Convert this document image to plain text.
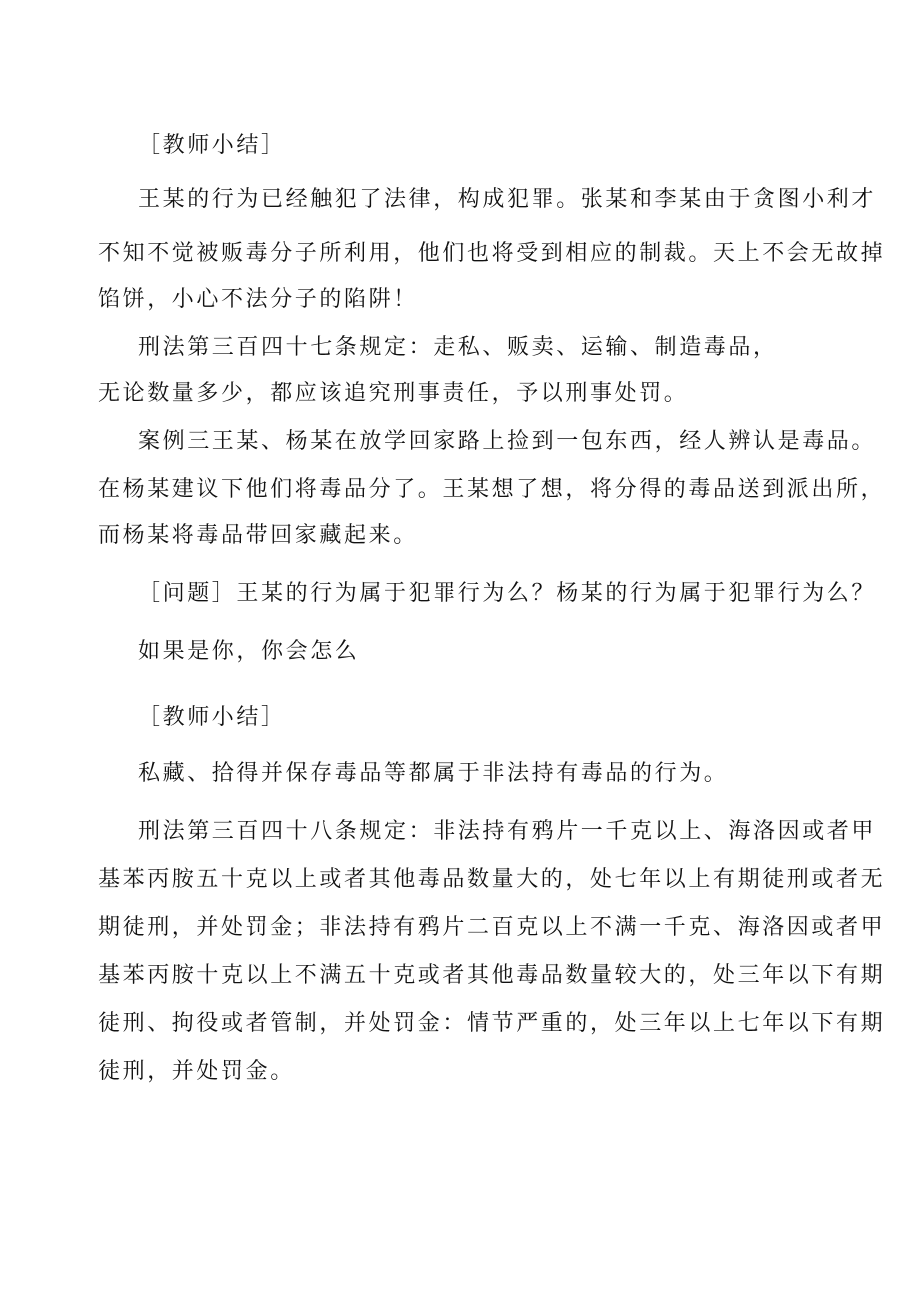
［教师小结］
王某的行为已经触犯了法律，构成犯罪。张某和李某由于贪图小利才
不知不觉被贩毒分子所利用，他们也将受到相应的制裁。天上不会无故掉
馅饼，小心不法分子的陷阱！
刑法第三百四十七条规定：走私、贩卖、运输、制造毒品，
无论数量多少，都应该追究刑事责任，予以刑事处罚。
案例三王某、杨某在放学回家路上捡到一包东西，经人辨认是毒品。
在杨某建议下他们将毒品分了。王某想了想，将分得的毒品送到派出所，
而杨某将毒品带回家藏起来。
［问题］王某的行为属于犯罪行为么？杨某的行为属于犯罪行为么？
如果是你，你会怎么
［教师小结］
私藏、拾得并保存毒品等都属于非法持有毒品的行为。
刑法第三百四十八条规定：非法持有鸦片一千克以上、海洛因或者甲
基苯丙胺五十克以上或者其他毒品数量大的，处七年以上有期徒刑或者无
期徒刑，并处罚金；非法持有鸦片二百克以上不满一千克、海洛因或者甲
基苯丙胺十克以上不满五十克或者其他毒品数量较大的，处三年以下有期
徒刑、拘役或者管制，并处罚金：情节严重的，处三年以上七年以下有期
徒刑，并处罚金。
